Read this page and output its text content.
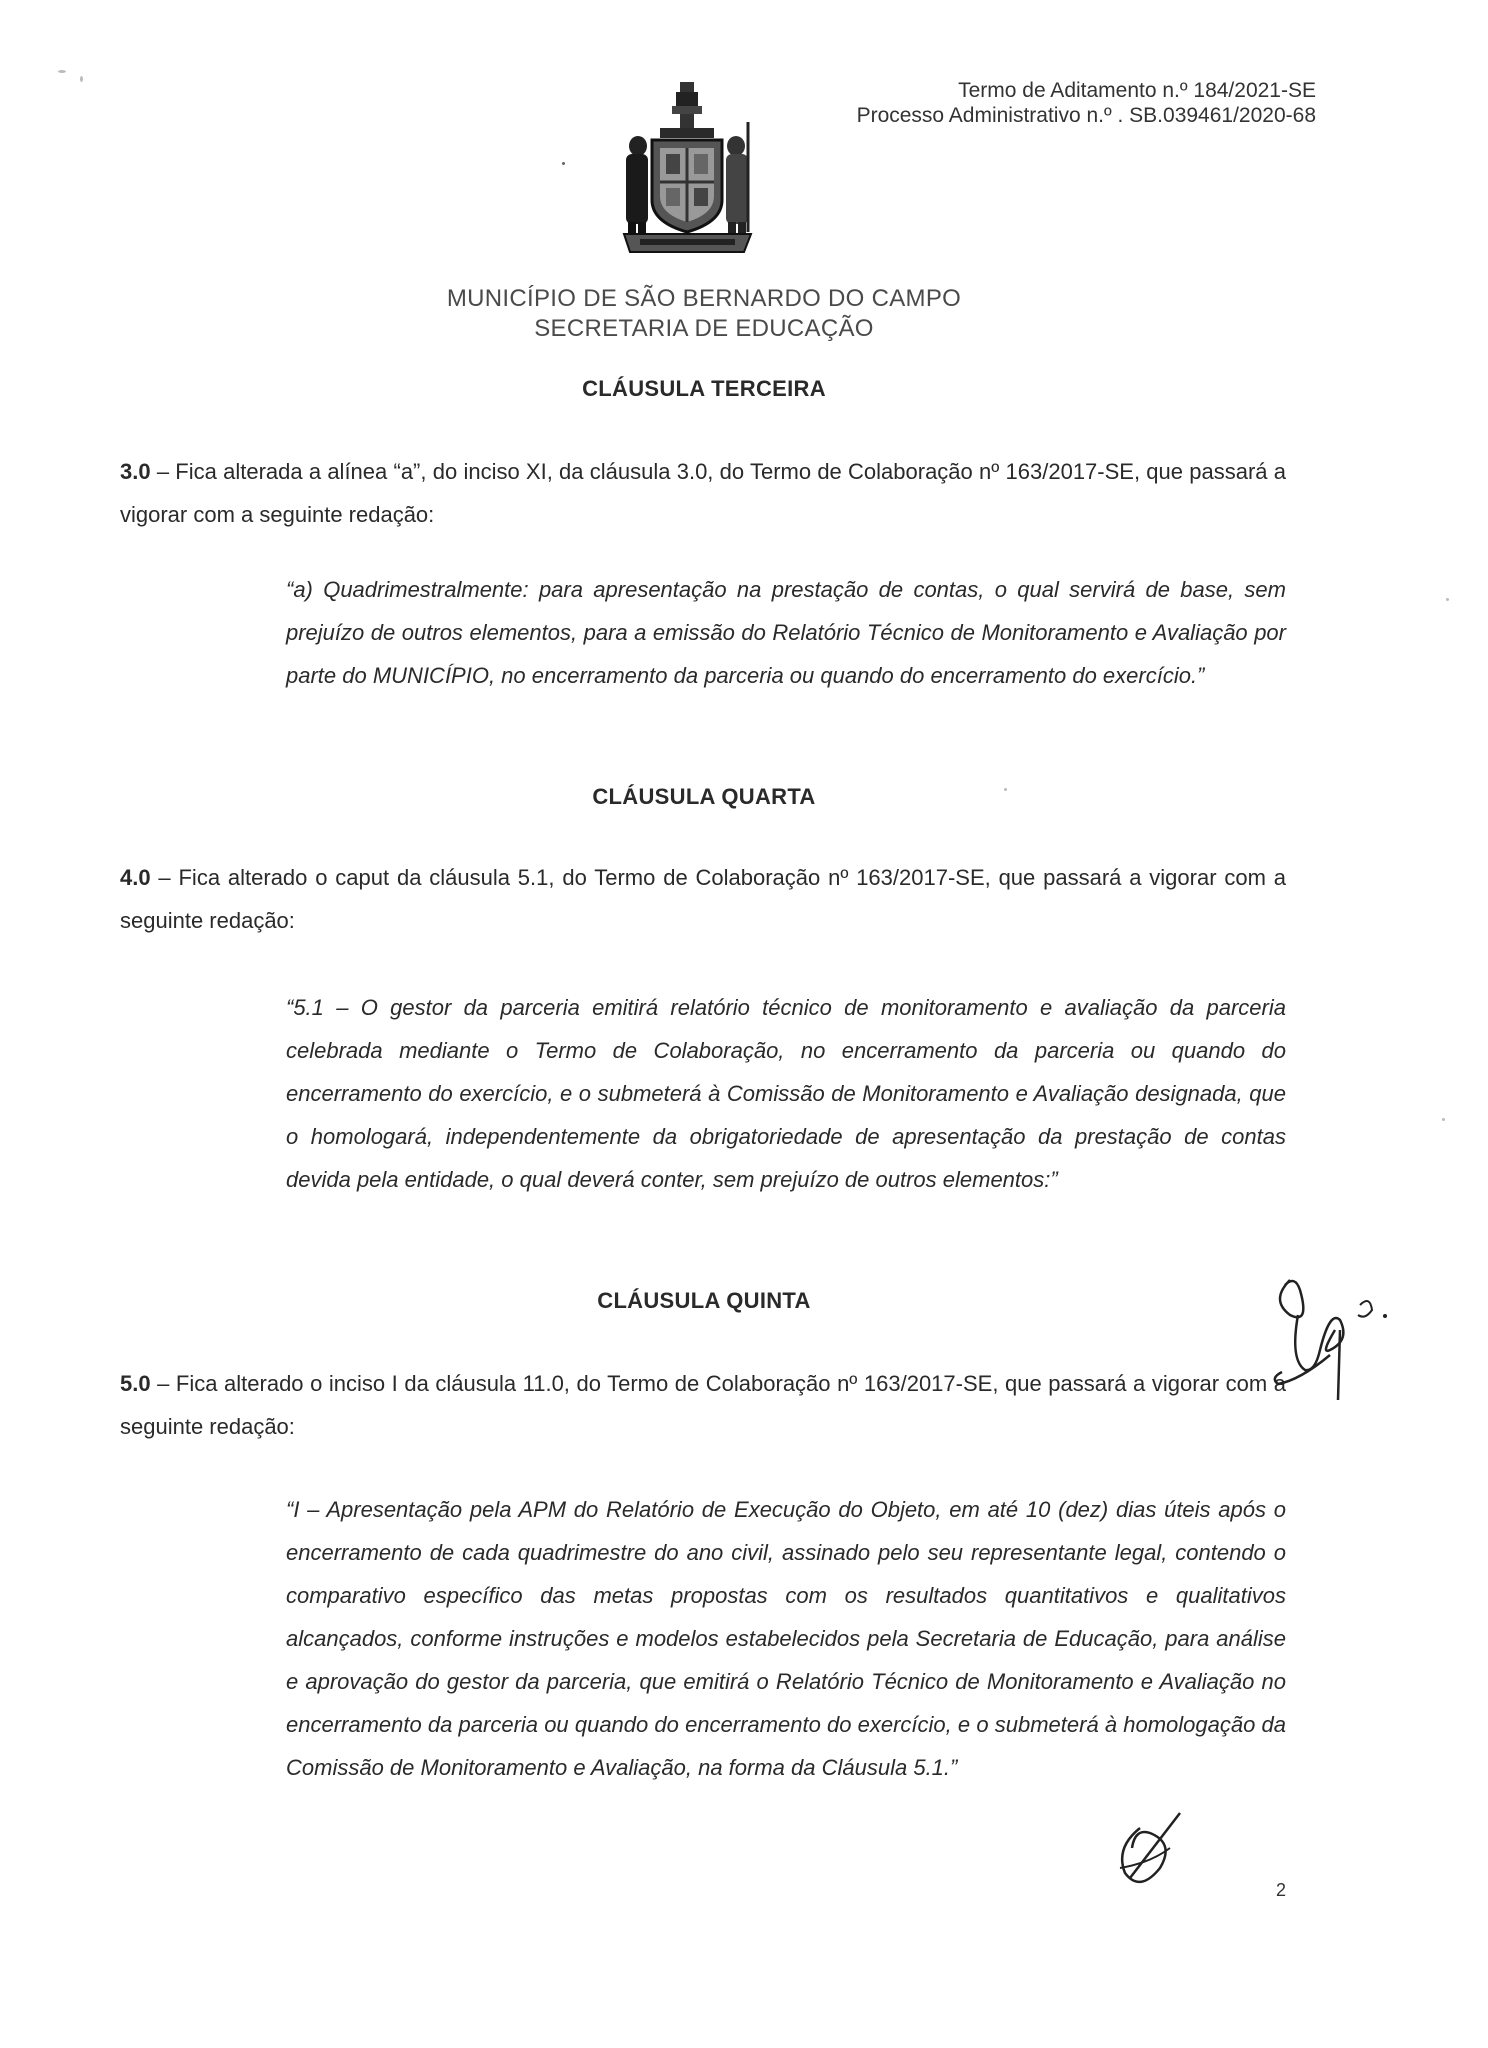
Termo de Aditamento n.º 184/2021-SE
Processo Administrativo n.º . SB.039461/2020-68
MUNICÍPIO DE SÃO BERNARDO DO CAMPO
SECRETARIA DE EDUCAÇÃO
CLÁUSULA TERCEIRA
3.0 – Fica alterada a alínea “a”, do inciso XI, da cláusula 3.0, do Termo de Colaboração nº 163/2017-SE, que passará a vigorar com a seguinte redação:
“a) Quadrimestralmente: para apresentação na prestação de contas, o qual servirá de base, sem prejuízo de outros elementos, para a emissão do Relatório Técnico de Monitoramento e Avaliação por parte do MUNICÍPIO, no encerramento da parceria ou quando do encerramento do exercício.”
CLÁUSULA QUARTA
4.0 – Fica alterado o caput da cláusula 5.1, do Termo de Colaboração nº 163/2017-SE, que passará a vigorar com a seguinte redação:
“5.1 – O gestor da parceria emitirá relatório técnico de monitoramento e avaliação da parceria celebrada mediante o Termo de Colaboração, no encerramento da parceria ou quando do encerramento do exercício, e o submeterá à Comissão de Monitoramento e Avaliação designada, que o homologará, independentemente da obrigatoriedade de apresentação da prestação de contas devida pela entidade, o qual deverá conter, sem prejuízo de outros elementos:”
CLÁUSULA QUINTA
5.0 – Fica alterado o inciso I da cláusula 11.0, do Termo de Colaboração nº 163/2017-SE, que passará a vigorar com a seguinte redação:
“I – Apresentação pela APM do Relatório de Execução do Objeto, em até 10 (dez) dias úteis após o encerramento de cada quadrimestre do ano civil, assinado pelo seu representante legal, contendo o comparativo específico das metas propostas com os resultados quantitativos e qualitativos alcançados, conforme instruções e modelos estabelecidos pela Secretaria de Educação, para análise e aprovação do gestor da parceria, que emitirá o Relatório Técnico de Monitoramento e Avaliação no encerramento da parceria ou quando do encerramento do exercício, e o submeterá à homologação da Comissão de Monitoramento e Avaliação, na forma da Cláusula 5.1.”
2
